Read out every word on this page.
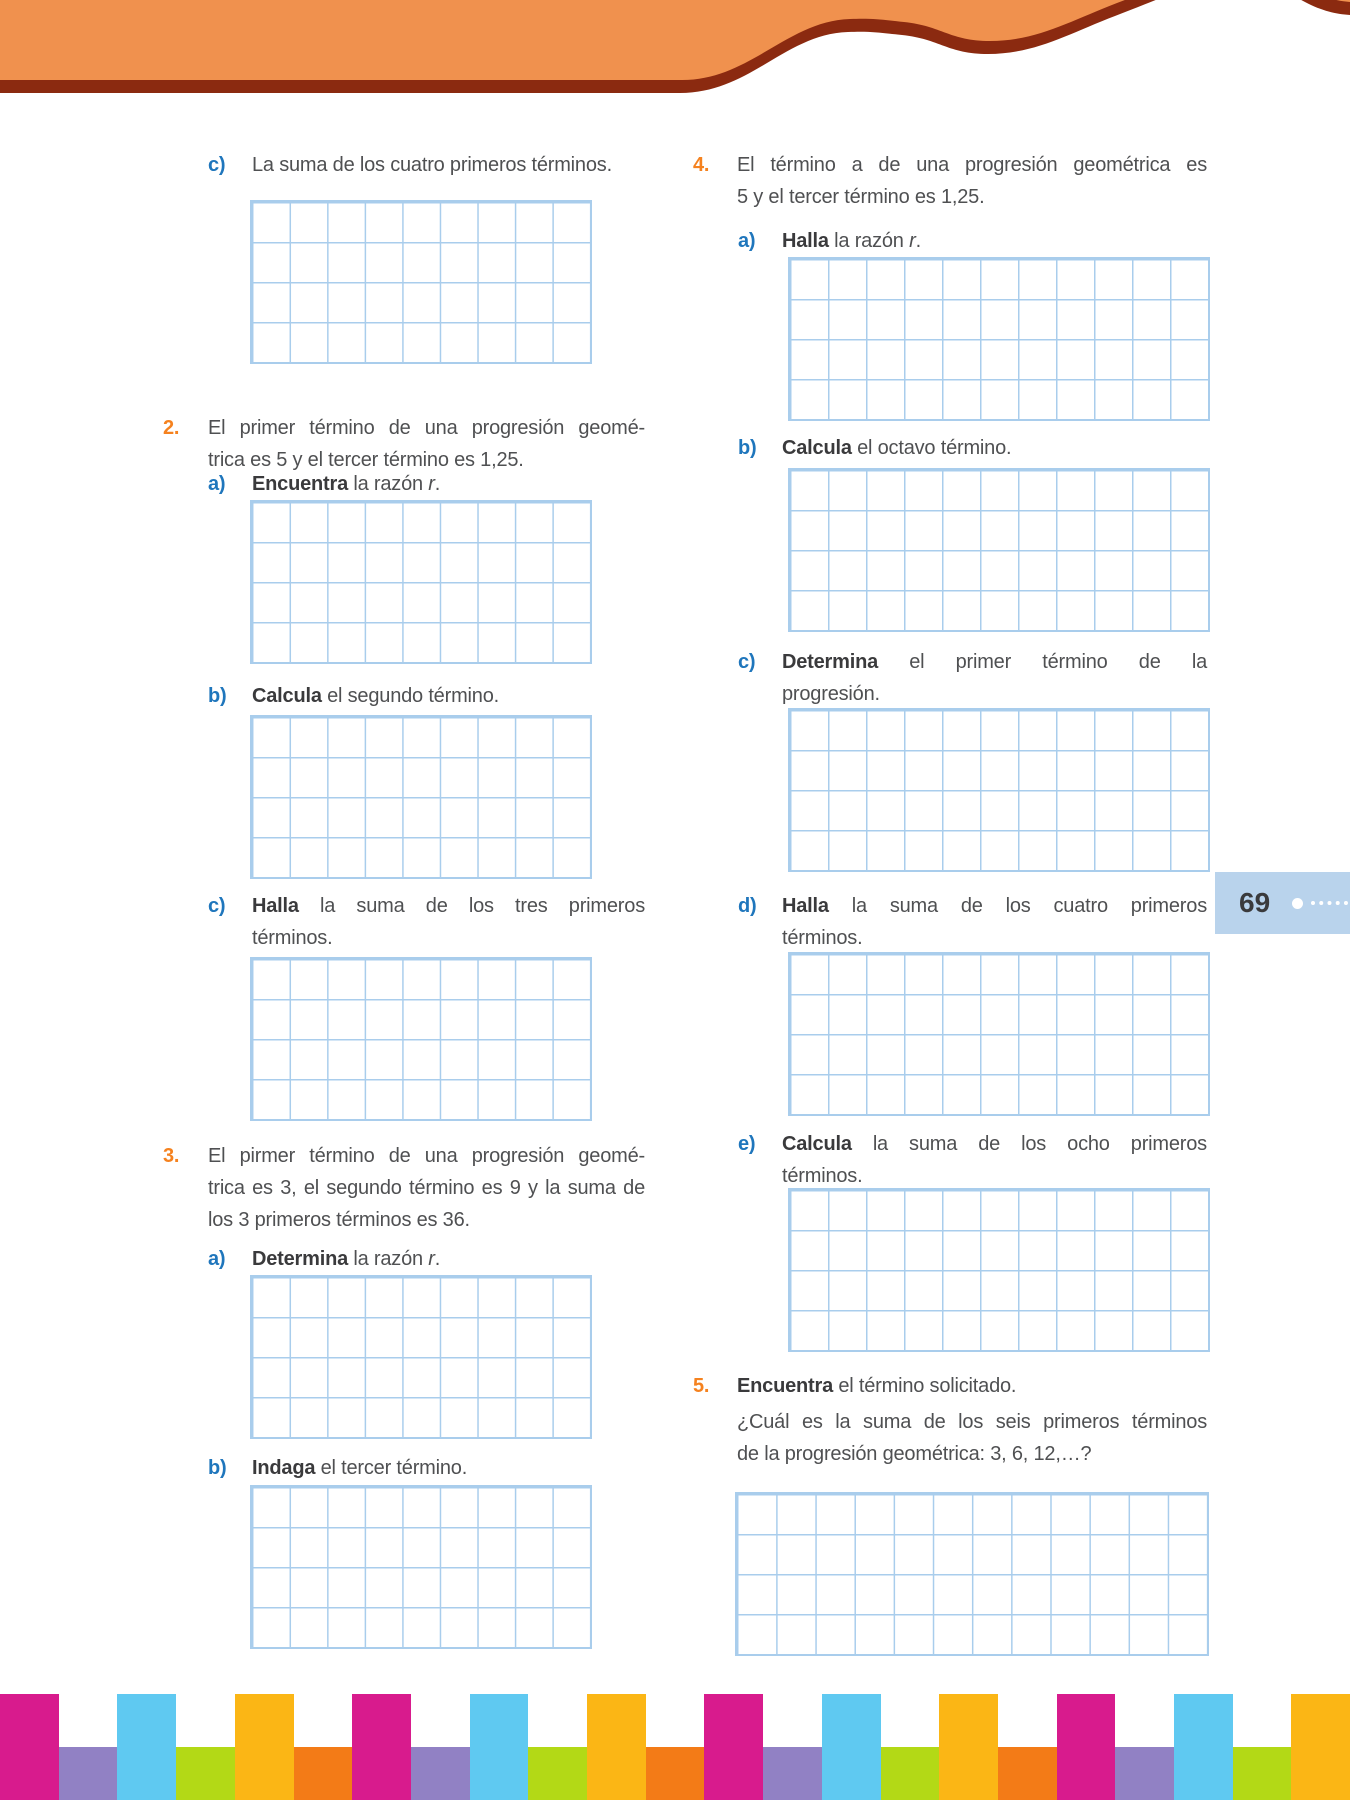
c) La suma de los cuatro primeros términos.
2. El primer término de una progresión geomé-
trica es 5 y el tercer término es 1,25.
a) Encuentra la razón r.
b) Calcula el segundo término.
c) Halla la suma de los tres primeros
términos.
3. El pirmer término de una progresión geomé-
trica es 3, el segundo término es 9 y la suma de
los 3 primeros términos es 36.
a) Determina la razón r.
b) Indaga el tercer término.
4. El término a de una progresión geométrica es
5 y el tercer término es 1,25.
a) Halla la razón r.
b) Calcula el octavo término.
c) Determina el primer término de la
progresión.
d) Halla la suma de los cuatro primeros
términos.
e) Calcula la suma de los ocho primeros
términos.
5. Encuentra el término solicitado.
¿Cuál es la suma de los seis primeros términos
de la progresión geométrica: 3, 6, 12,…?
69
